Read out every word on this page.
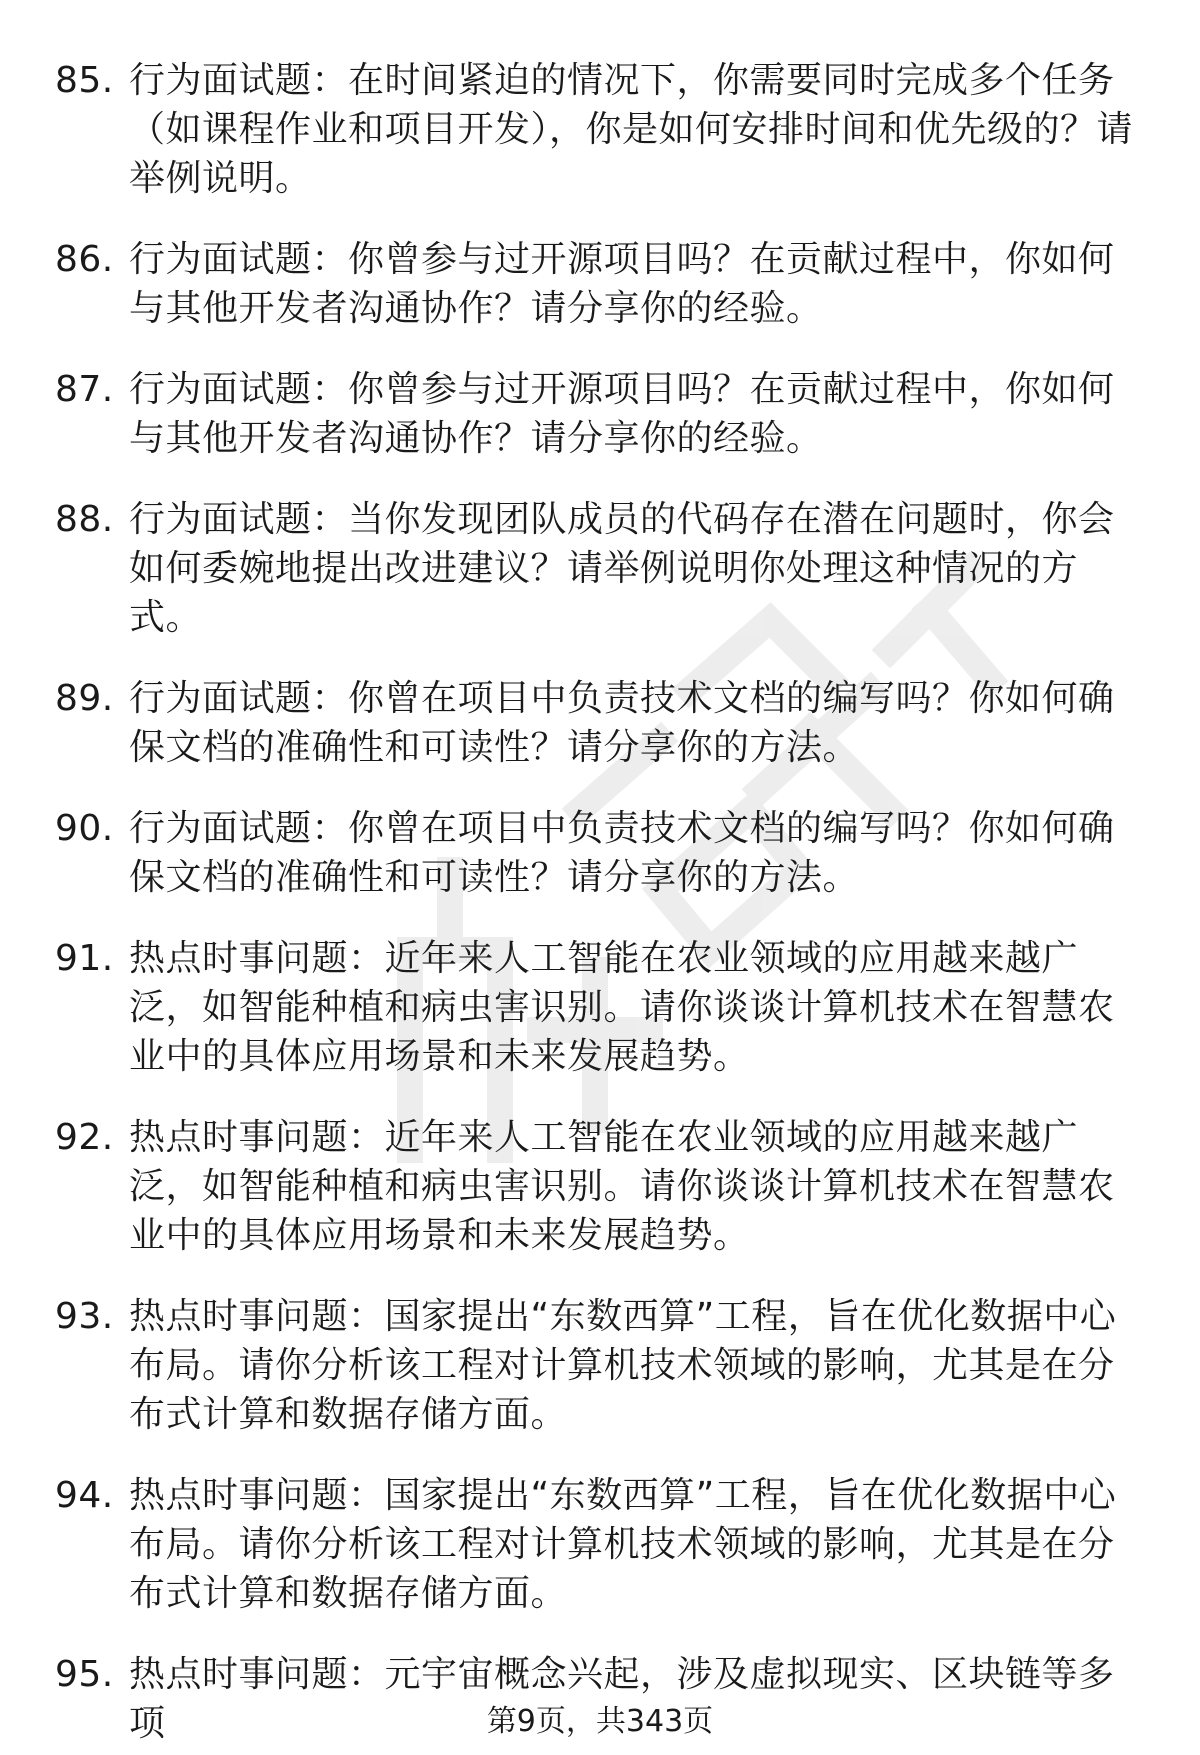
85. 行为面试题：在时间紧迫的情况下，你需要同时完成多个任务（如课程作业和项目开发），你是如何安排时间和优先级的？请举例说明。
86. 行为面试题：你曾参与过开源项目吗？在贡献过程中，你如何与其他开发者沟通协作？请分享你的经验。
87. 行为面试题：你曾参与过开源项目吗？在贡献过程中，你如何与其他开发者沟通协作？请分享你的经验。
88. 行为面试题：当你发现团队成员的代码存在潜在问题时，你会如何委婉地提出改进建议？请举例说明你处理这种情况的方式。
89. 行为面试题：你曾在项目中负责技术文档的编写吗？你如何确保文档的准确性和可读性？请分享你的方法。
90. 行为面试题：你曾在项目中负责技术文档的编写吗？你如何确保文档的准确性和可读性？请分享你的方法。
91. 热点时事问题：近年来人工智能在农业领域的应用越来越广泛，如智能种植和病虫害识别。请你谈谈计算机技术在智慧农业中的具体应用场景和未来发展趋势。
92. 热点时事问题：近年来人工智能在农业领域的应用越来越广泛，如智能种植和病虫害识别。请你谈谈计算机技术在智慧农业中的具体应用场景和未来发展趋势。
93. 热点时事问题：国家提出“东数西算”工程，旨在优化数据中心布局。请你分析该工程对计算机技术领域的影响，尤其是在分布式计算和数据存储方面。
94. 热点时事问题：国家提出“东数西算”工程，旨在优化数据中心布局。请你分析该工程对计算机技术领域的影响，尤其是在分布式计算和数据存储方面。
95. 热点时事问题：元宇宙概念兴起，涉及虚拟现实、区块链等多项	第9页，共343页
